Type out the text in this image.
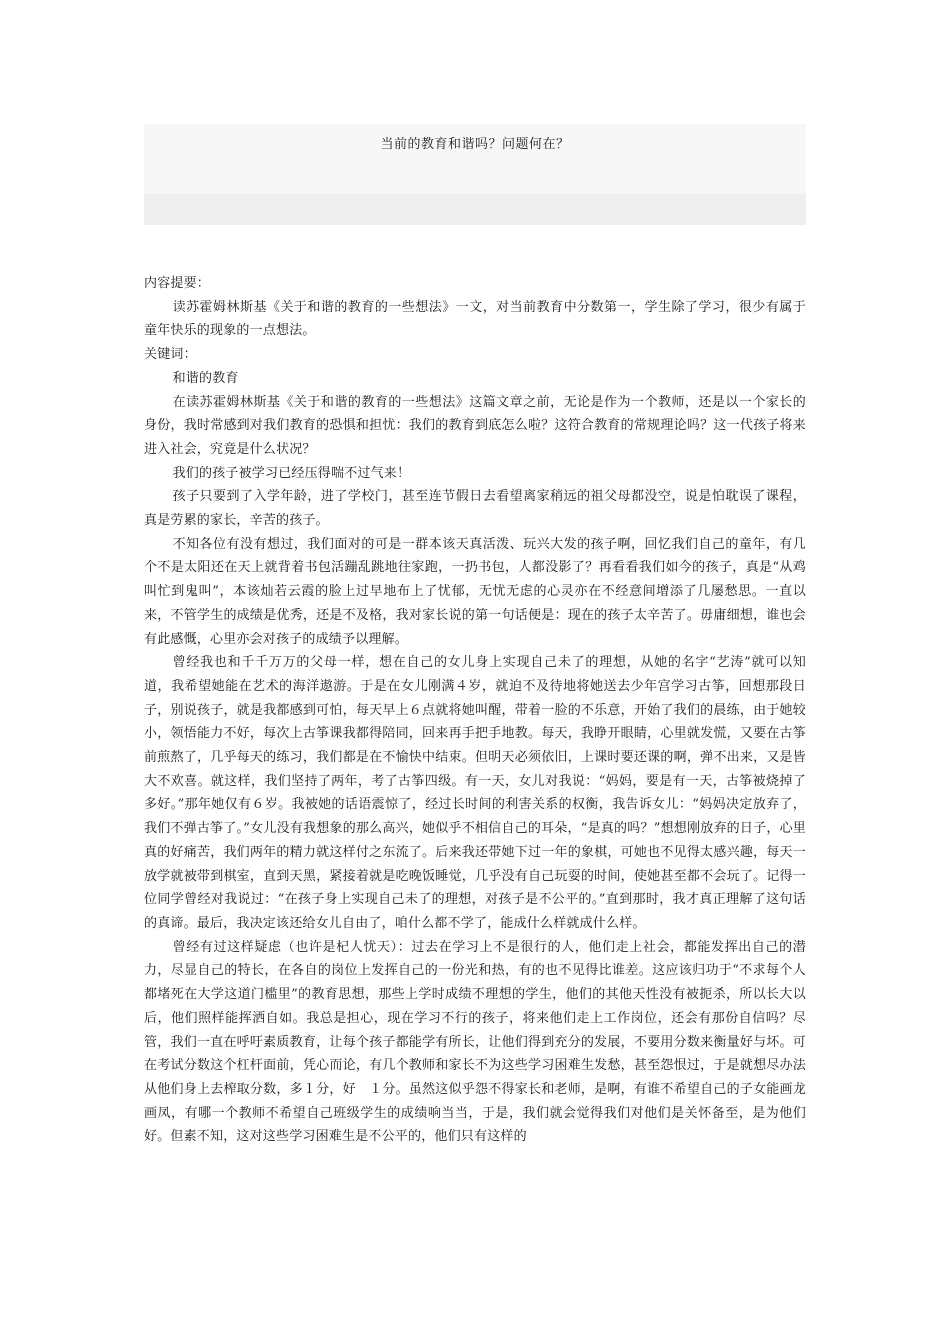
当前的教育和谐吗？问题何在？
内容提要：

读苏霍姆林斯基《关于和谐的教育的一些想法》一文，对当前教育中分数第一，学生除了学习，很少有属于童年快乐的现象的一点想法。

关键词：

和谐的教育

在读苏霍姆林斯基《关于和谐的教育的一些想法》这篇文章之前，无论是作为一个教师，还是以一个家长的身份，我时常感到对我们教育的恐惧和担忧：我们的教育到底怎么啦？这符合教育的常规理论吗？这一代孩子将来进入社会，究竟是什么状况？

我们的孩子被学习已经压得喘不过气来！

孩子只要到了入学年龄，进了学校门，甚至连节假日去看望离家稍远的祖父母都没空，说是怕耽误了课程，真是劳累的家长，辛苦的孩子。

不知各位有没有想过，我们面对的可是一群本该天真活泼、玩兴大发的孩子啊，回忆我们自己的童年，有几个不是太阳还在天上就背着书包活蹦乱跳地往家跑，一扔书包，人都没影了？再看看我们如今的孩子，真是“从鸡叫忙到鬼叫”，本该灿若云霞的脸上过早地布上了忧郁，无忧无虑的心灵亦在不经意间增添了几屡愁思。一直以来，不管学生的成绩是优秀，还是不及格，我对家长说的第一句话便是：现在的孩子太辛苦了。毋庸细想，谁也会有此感慨，心里亦会对孩子的成绩予以理解。

曾经我也和千千万万的父母一样，想在自己的女儿身上实现自己未了的理想，从她的名字“艺涛”就可以知道，我希望她能在艺术的海洋遨游。于是在女儿刚满４岁，就迫不及待地将她送去少年宫学习古筝，回想那段日子，别说孩子，就是我都感到可怕，每天早上６点就将她叫醒，带着一脸的不乐意，开始了我们的晨练，由于她较小，领悟能力不好，每次上古筝课我都得陪同，回来再手把手地教。每天，我睁开眼睛，心里就发慌，又要在古筝前煎熬了，几乎每天的练习，我们都是在不愉快中结束。但明天必须依旧，上课时要还课的啊，弹不出来，又是皆大不欢喜。就这样，我们坚持了两年，考了古筝四级。有一天，女儿对我说：“妈妈，要是有一天，古筝被烧掉了多好。”那年她仅有６岁。我被她的话语震惊了，经过长时间的利害关系的权衡，我告诉女儿：“妈妈决定放弃了，我们不弹古筝了。”女儿没有我想象的那么高兴，她似乎不相信自己的耳朵，“是真的吗？”想想刚放弃的日子，心里真的好痛苦，我们两年的精力就这样付之东流了。后来我还带她下过一年的象棋，可她也不见得太感兴趣，每天一放学就被带到棋室，直到天黑，紧接着就是吃晚饭睡觉，几乎没有自己玩耍的时间，使她甚至都不会玩了。记得一位同学曾经对我说过：“在孩子身上实现自己未了的理想，对孩子是不公平的。”直到那时，我才真正理解了这句话的真谛。最后，我决定该还给女儿自由了，咱什么都不学了，能成什么样就成什么样。

曾经有过这样疑虑（也许是杞人忧天）：过去在学习上不是很行的人，他们走上社会，都能发挥出自己的潜力，尽显自己的特长，在各自的岗位上发挥自己的一份光和热，有的也不见得比谁差。这应该归功于“不求每个人都堵死在大学这道门槛里”的教育思想，那些上学时成绩不理想的学生，他们的其他天性没有被扼杀，所以长大以后，他们照样能挥洒自如。我总是担心，现在学习不行的孩子，将来他们走上工作岗位，还会有那份自信吗？尽管，我们一直在呼吁素质教育，让每个孩子都能学有所长，让他们得到充分的发展，不要用分数来衡量好与坏。可在考试分数这个杠杆面前，凭心而论，有几个教师和家长不为这些学习困难生发愁，甚至怨恨过，于是就想尽办法从他们身上去榨取分数，多１分，好　１分。虽然这似乎怨不得家长和老师，是啊，有谁不希望自己的子女能画龙画凤，有哪一个教师不希望自己班级学生的成绩响当当，于是，我们就会觉得我们对他们是关怀备至，是为他们好。但素不知，这对这些学习困难生是不公平的，他们只有这样的
